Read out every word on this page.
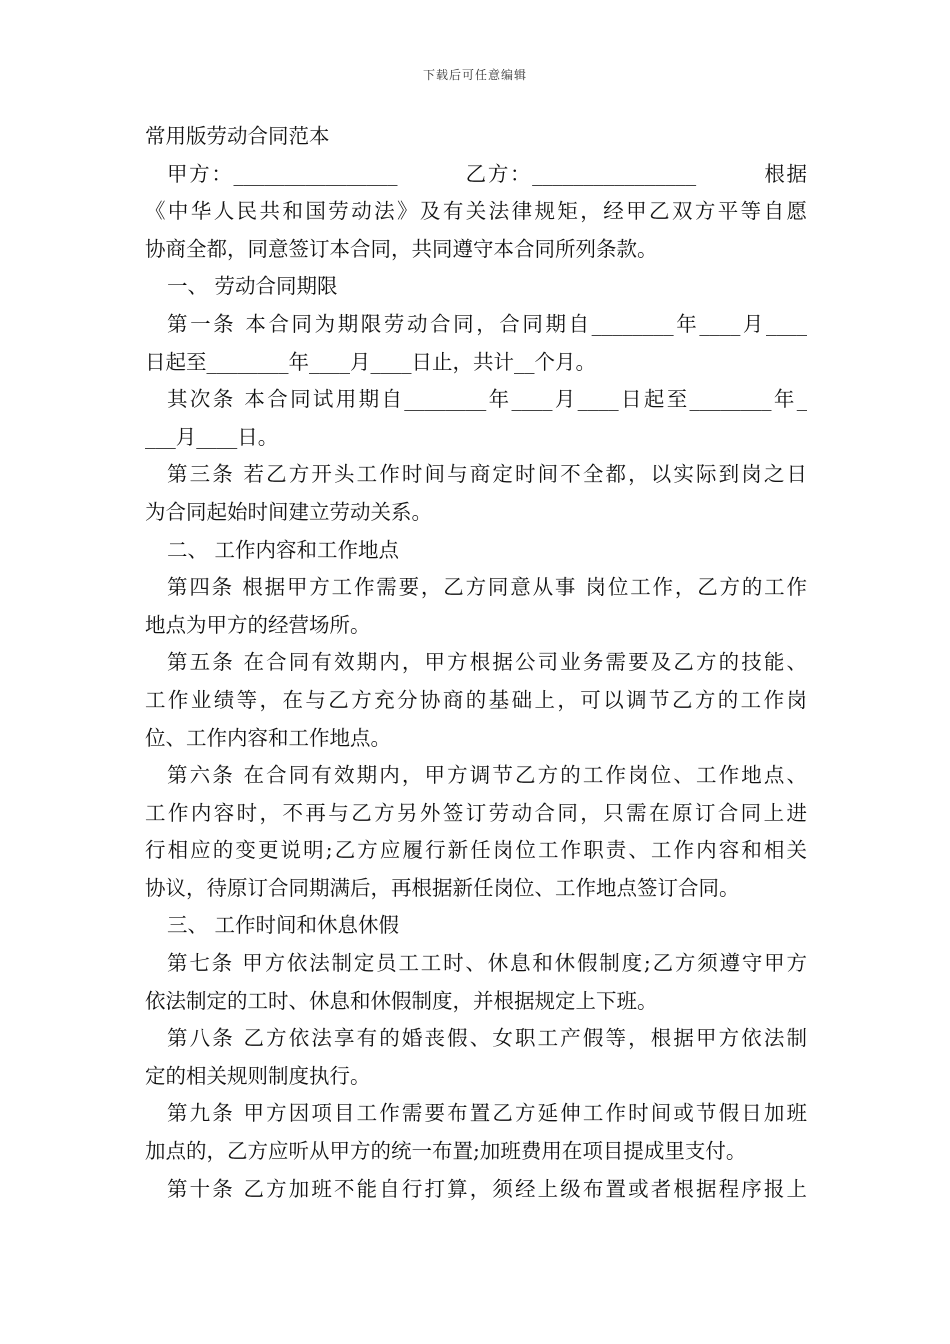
下载后可任意编辑
常用版劳动合同范本
甲方：________________　　　乙方：________________　　　根据
《中华人民共和国劳动法》及有关法律规矩，经甲乙双方平等自愿
协商全都，同意签订本合同，共同遵守本合同所列条款。
一、 劳动合同期限
第一条 本合同为期限劳动合同，合同期自________年____月____
日起至________年____月____日止，共计__个月。
其次条 本合同试用期自________年____月____日起至________年_
___月____日。
第三条 若乙方开头工作时间与商定时间不全都，以实际到岗之日
为合同起始时间建立劳动关系。
二、 工作内容和工作地点
第四条 根据甲方工作需要，乙方同意从事 岗位工作，乙方的工作
地点为甲方的经营场所。
第五条 在合同有效期内，甲方根据公司业务需要及乙方的技能、
工作业绩等，在与乙方充分协商的基础上，可以调节乙方的工作岗
位、工作内容和工作地点。
第六条 在合同有效期内，甲方调节乙方的工作岗位、工作地点、
工作内容时，不再与乙方另外签订劳动合同，只需在原订合同上进
行相应的变更说明;乙方应履行新任岗位工作职责、工作内容和相关
协议，待原订合同期满后，再根据新任岗位、工作地点签订合同。
三、 工作时间和休息休假
第七条 甲方依法制定员工工时、休息和休假制度;乙方须遵守甲方
依法制定的工时、休息和休假制度，并根据规定上下班。
第八条 乙方依法享有的婚丧假、女职工产假等，根据甲方依法制
定的相关规则制度执行。
第九条 甲方因项目工作需要布置乙方延伸工作时间或节假日加班
加点的，乙方应听从甲方的统一布置;加班费用在项目提成里支付。
第十条 乙方加班不能自行打算，须经上级布置或者根据程序报上
